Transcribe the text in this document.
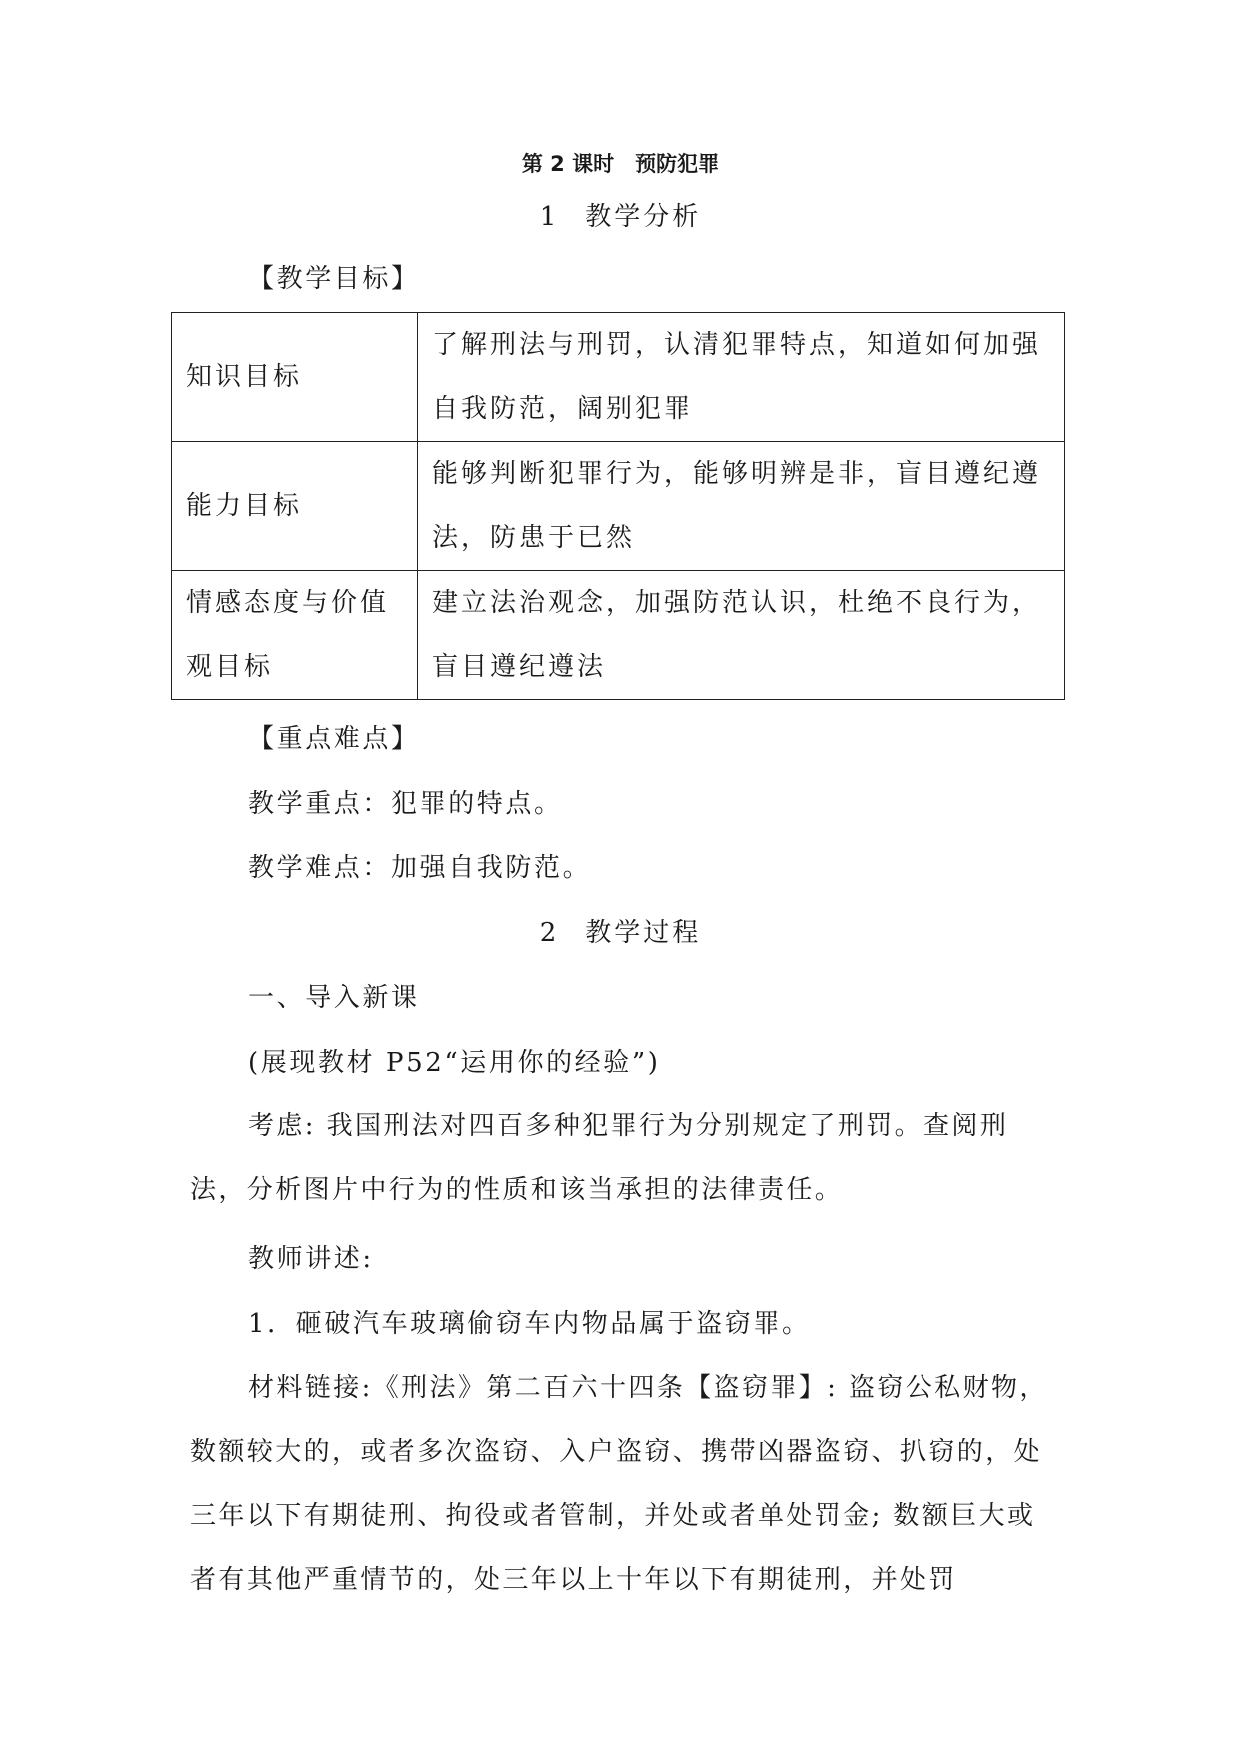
第 2 课时　预防犯罪
1 教学分析
【教学目标】
知识目标	了解刑法与刑罚，认清犯罪特点，知道如何加强自我防范，阔别犯罪
能力目标	能够判断犯罪行为，能够明辨是非，盲目遵纪遵法，防患于已然
情感态度与价值观目标	建立法治观念，加强防范认识，杜绝不良行为，盲目遵纪遵法
【重点难点】
教学重点：犯罪的特点。
教学难点：加强自我防范。
2 教学过程
一、导入新课
(展现教材 P52“运用你的经验”)
考虑: 我国刑法对四百多种犯罪行为分别规定了刑罚。查阅刑法，分析图片中行为的性质和该当承担的法律责任。
教师讲述:
1．砸破汽车玻璃偷窃车内物品属于盗窃罪。
材料链接:《刑法》第二百六十四条【盗窃罪】: 盗窃公私财物，数额较大的，或者多次盗窃、入户盗窃、携带凶器盗窃、扒窃的，处三年以下有期徒刑、拘役或者管制，并处或者单处罚金; 数额巨大或者有其他严重情节的，处三年以上十年以下有期徒刑，并处罚
